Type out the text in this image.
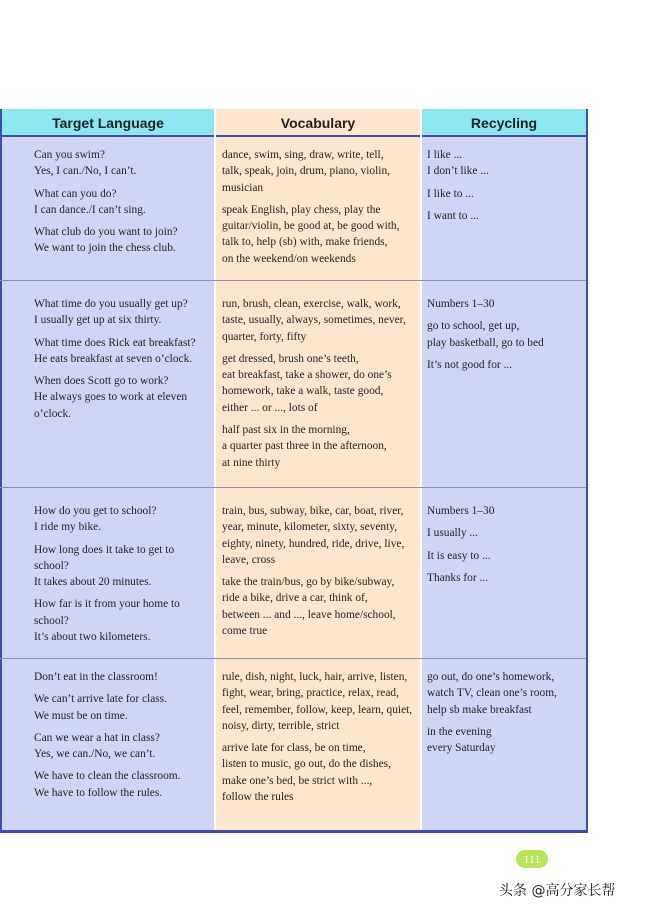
Target Language	Vocabulary	Recycling

Can you swim?
Yes, I can./No, I can’t.

What can you do?
I can dance./I can’t sing.

What club do you want to join?
We want to join the chess club.

dance, swim, sing, draw, write, tell,
talk, speak, join, drum, piano, violin,
musician

speak English, play chess, play the
guitar/violin, be good at, be good with,
talk to, help (sb) with, make friends,
on the weekend/on weekends

I like ...
I don’t like ...

I like to ...

I want to ...

What time do you usually get up?
I usually get up at six thirty.

What time does Rick eat breakfast?
He eats breakfast at seven o’clock.

When does Scott go to work?
He always goes to work at eleven
o’clock.

run, brush, clean, exercise, walk, work,
taste, usually, always, sometimes, never,
quarter, forty, fifty

get dressed, brush one’s teeth,
eat breakfast, take a shower, do one’s
homework, take a walk, taste good,
either ... or ..., lots of

half past six in the morning,
a quarter past three in the afternoon,
at nine thirty

Numbers 1–30

go to school, get up,
play basketball, go to bed

It’s not good for ...

How do you get to school?
I ride my bike.

How long does it take to get to
school?
It takes about 20 minutes.

How far is it from your home to
school?
It’s about two kilometers.

train, bus, subway, bike, car, boat, river,
year, minute, kilometer, sixty, seventy,
eighty, ninety, hundred, ride, drive, live,
leave, cross

take the train/bus, go by bike/subway,
ride a bike, drive a car, think of,
between ... and ..., leave home/school,
come true

Numbers 1–30

I usually ...

It is easy to ...

Thanks for ...

Don’t eat in the classroom!

We can’t arrive late for class.
We must be on time.

Can we wear a hat in class?
Yes, we can./No, we can’t.

We have to clean the classroom.
We have to follow the rules.

rule, dish, night, luck, hair, arrive, listen,
fight, wear, bring, practice, relax, read,
feel, remember, follow, keep, learn, quiet,
noisy, dirty, terrible, strict

arrive late for class, be on time,
listen to music, go out, do the dishes,
make one’s bed, be strict with ...,
follow the rules

go out, do one’s homework,
watch TV, clean one’s room,
help sb make breakfast

in the evening
every Saturday

111
头条 @高分家长帮
